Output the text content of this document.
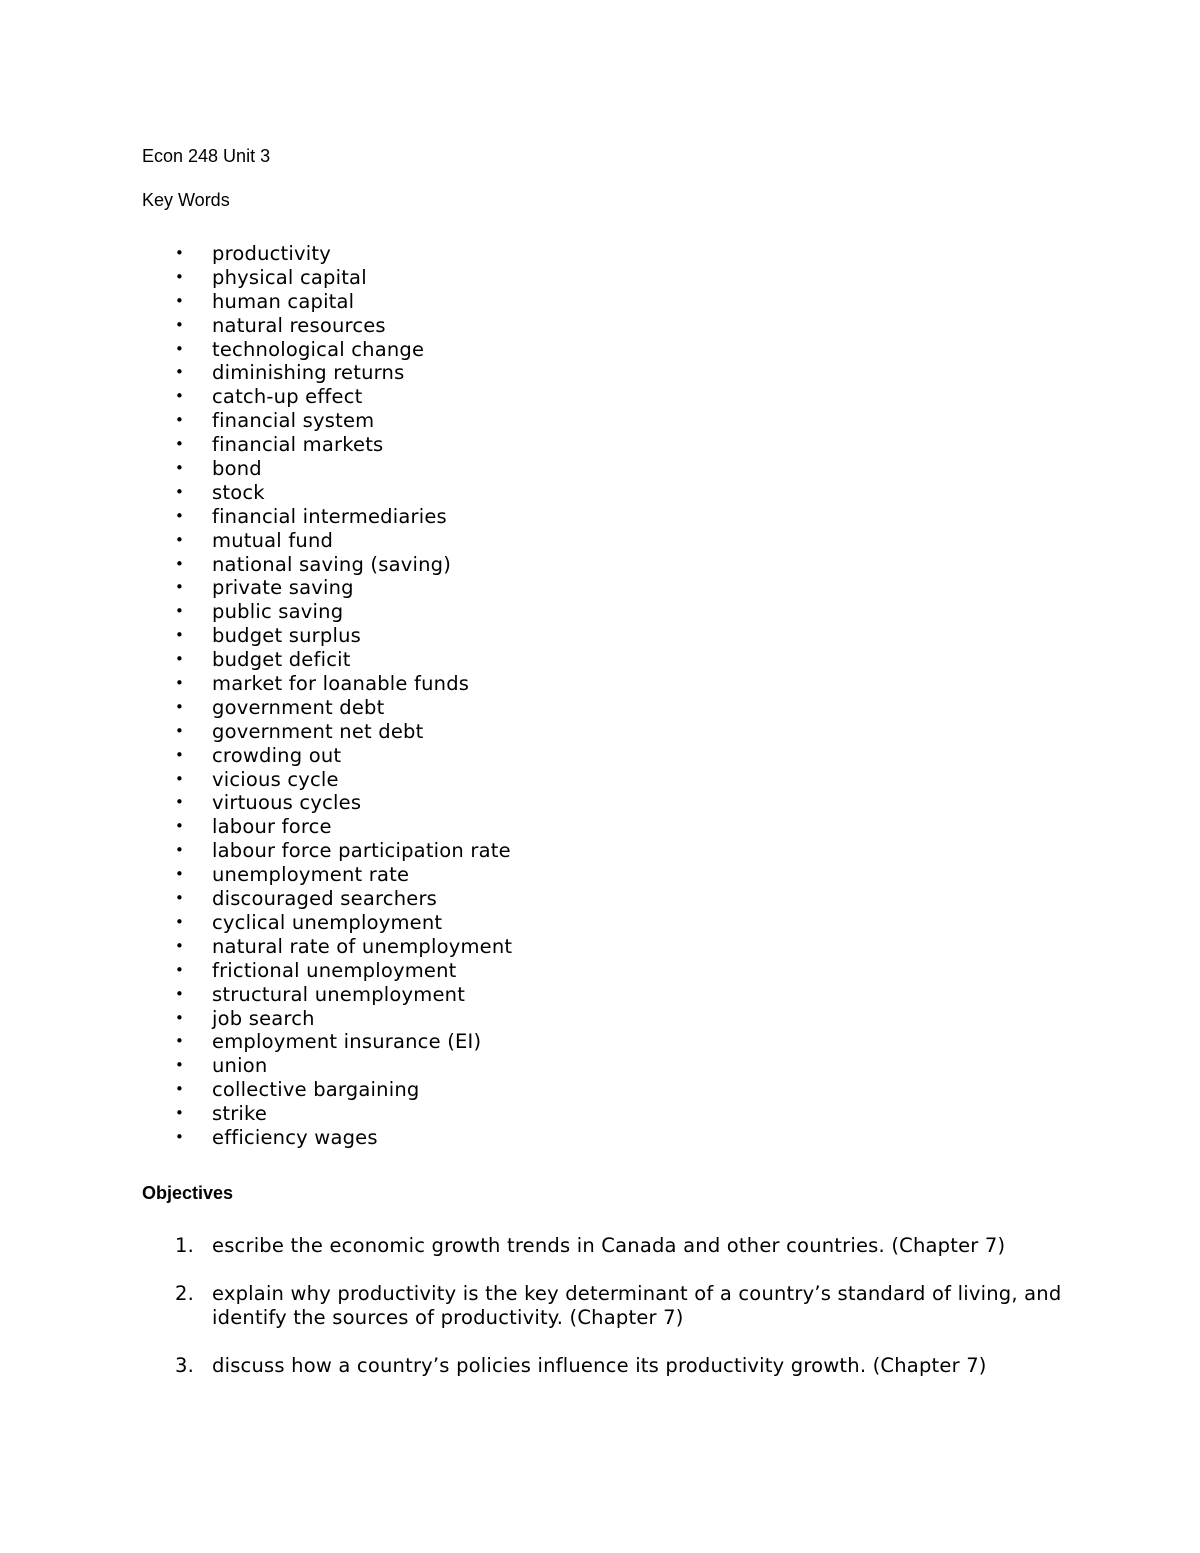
Econ 248 Unit 3
Key Words
• productivity
• physical capital
• human capital
• natural resources
• technological change
• diminishing returns
• catch-up effect
• financial system
• financial markets
• bond
• stock
• financial intermediaries
• mutual fund
• national saving (saving)
• private saving
• public saving
• budget surplus
• budget deficit
• market for loanable funds
• government debt
• government net debt
• crowding out
• vicious cycle
• virtuous cycles
• labour force
• labour force participation rate
• unemployment rate
• discouraged searchers
• cyclical unemployment
• natural rate of unemployment
• frictional unemployment
• structural unemployment
• job search
• employment insurance (EI)
• union
• collective bargaining
• strike
• efficiency wages
Objectives
1. escribe the economic growth trends in Canada and other countries. (Chapter 7)
2. explain why productivity is the key determinant of a country’s standard of living, and identify the sources of productivity. (Chapter 7)
3. discuss how a country’s policies influence its productivity growth. (Chapter 7)
